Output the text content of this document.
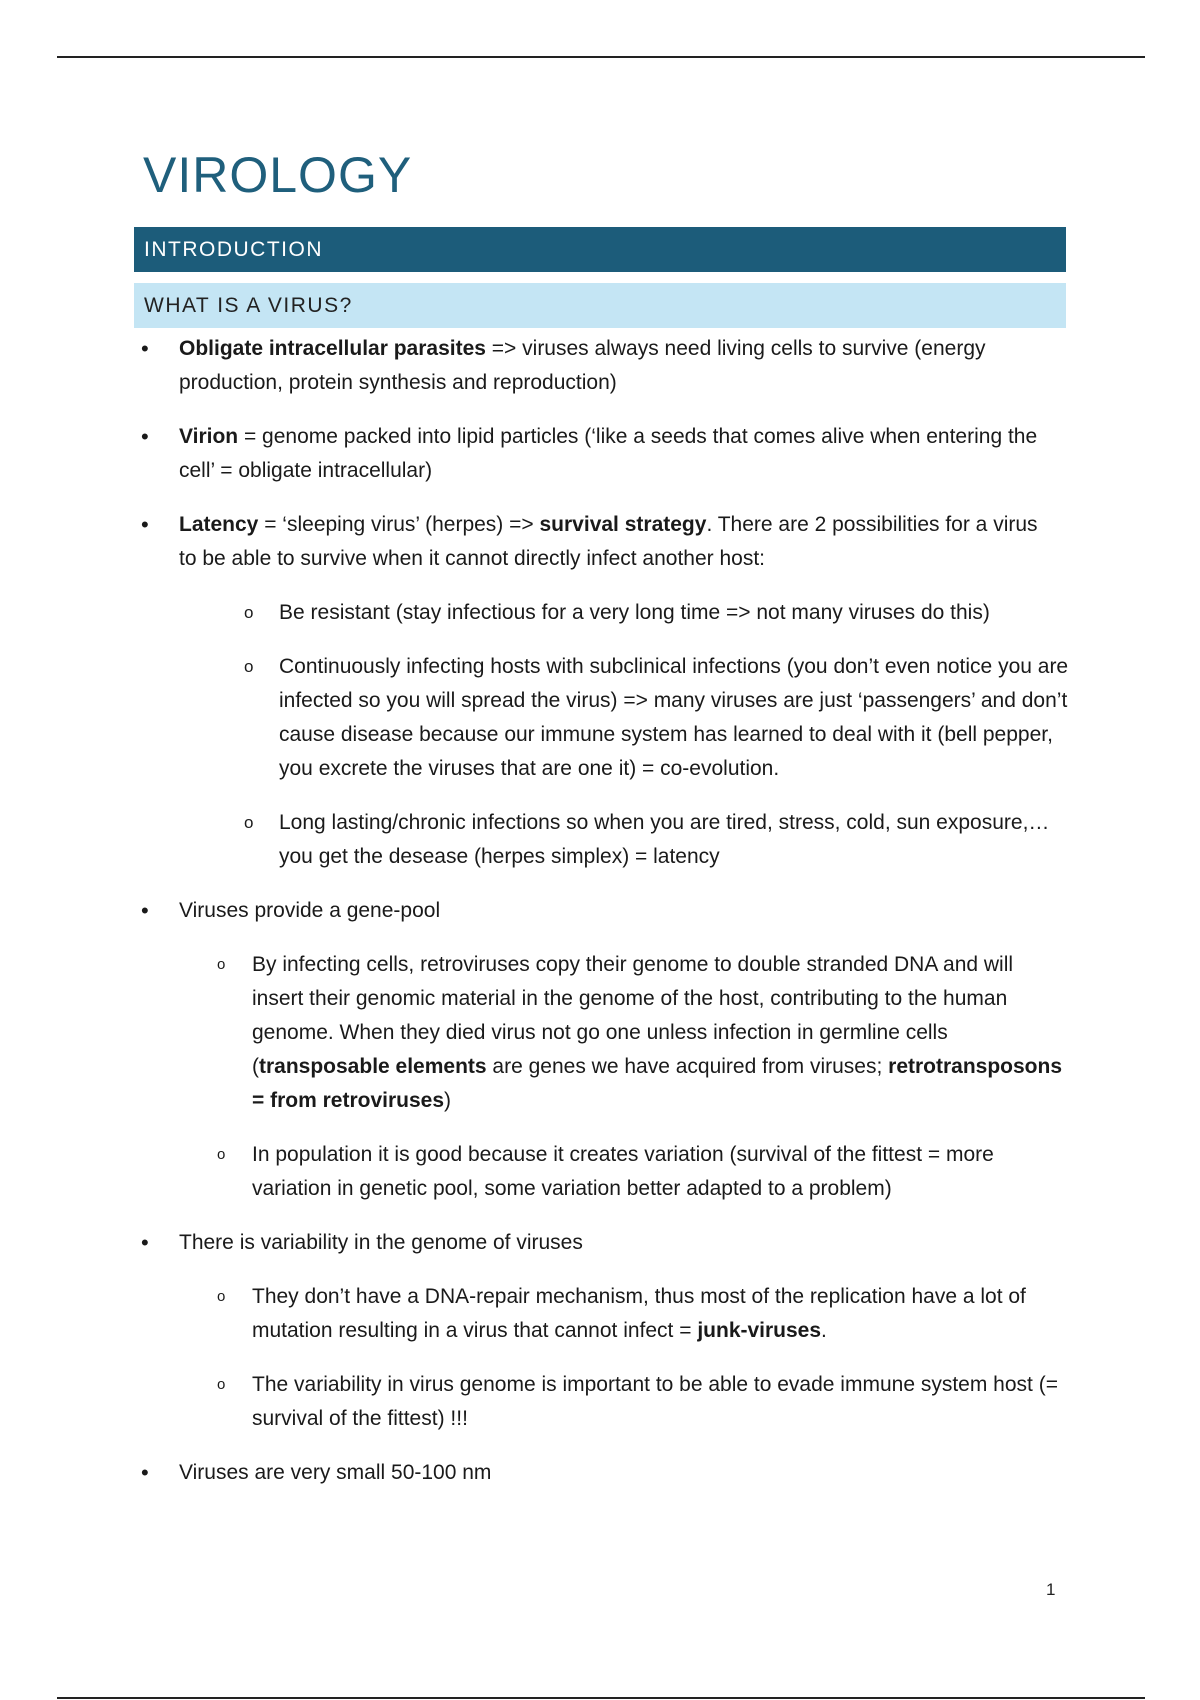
VIROLOGY
INTRODUCTION
WHAT IS A VIRUS?
• Obligate intracellular parasites => viruses always need living cells to survive (energy production, protein synthesis and reproduction)
• Virion = genome packed into lipid particles (‘like a seeds that comes alive when entering the cell’ = obligate intracellular)
• Latency = ‘sleeping virus’ (herpes) => survival strategy. There are 2 possibilities for a virus to be able to survive when it cannot directly infect another host:
o Be resistant (stay infectious for a very long time => not many viruses do this)
o Continuously infecting hosts with subclinical infections (you don’t even notice you are infected so you will spread the virus) => many viruses are just ‘passengers’ and don’t cause disease because our immune system has learned to deal with it (bell pepper, you excrete the viruses that are one it) = co-evolution.
o Long lasting/chronic infections so when you are tired, stress, cold, sun exposure,… you get the desease (herpes simplex) = latency
• Viruses provide a gene-pool
o By infecting cells, retroviruses copy their genome to double stranded DNA and will insert their genomic material in the genome of the host, contributing to the human genome. When they died virus not go one unless infection in germline cells (transposable elements are genes we have acquired from viruses; retrotransposons = from retroviruses)
o In population it is good because it creates variation (survival of the fittest = more variation in genetic pool, some variation better adapted to a problem)
• There is variability in the genome of viruses
o They don’t have a DNA-repair mechanism, thus most of the replication have a lot of mutation resulting in a virus that cannot infect = junk-viruses.
o The variability in virus genome is important to be able to evade immune system host (= survival of the fittest) !!!
• Viruses are very small 50-100 nm
1
